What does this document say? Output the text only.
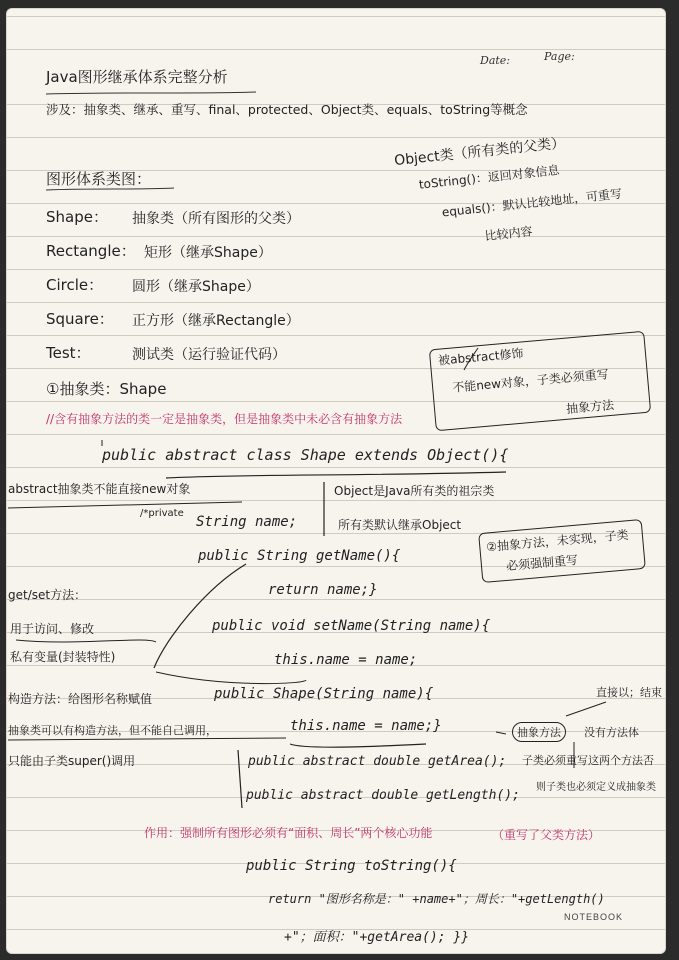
Date:	Page:
Java图形继承体系完整分析
涉及：抽象类、继承、重写、final、protected、Object类、equals、toString等概念
图形体系类图：
Shape： 抽象类（所有图形的父类）
Rectangle： 矩形（继承Shape）
Circle： 圆形（继承Shape）
Square： 正方形（继承Rectangle）
Test：	测试类（运行验证代码）
Object类（所有类的父类）
toString()：返回对象信息
equals()：默认比较地址，可重写
比较内容
被abstract修饰
不能new对象，子类必须重写
抽象方法
①抽象类：Shape
//含有抽象方法的类一定是抽象类，但是抽象类中未必含有抽象方法
public abstract class Shape extends Object(){
abstract抽象类不能直接new对象
/*private
String name;
Object是Java所有类的祖宗类
所有类默认继承Object
②抽象方法，未实现，子类
必须强制重写
public String getName(){
return name;}
public void setName(String name){
this.name = name;
get/set方法：
用于访问、修改
私有变量(封装特性)
构造方法：给图形名称赋值	public Shape(String name){
抽象类可以有构造方法，但不能自己调用，	this.name = name;}
只能由子类super()调用
直接以；结束
抽象方法	没有方法体
public abstract double getArea(); 子类必须重写这两个方法否
则子类也必须定义成抽象类
public abstract double getLength();
作用：强制所有图形必须有“面积、周长”两个核心功能	（重写了父类方法）
public String toString(){
return "图形名称是：" +name+"；周长："+getLength()
+"；面积："+getArea(); }}
NOTEBOOK
